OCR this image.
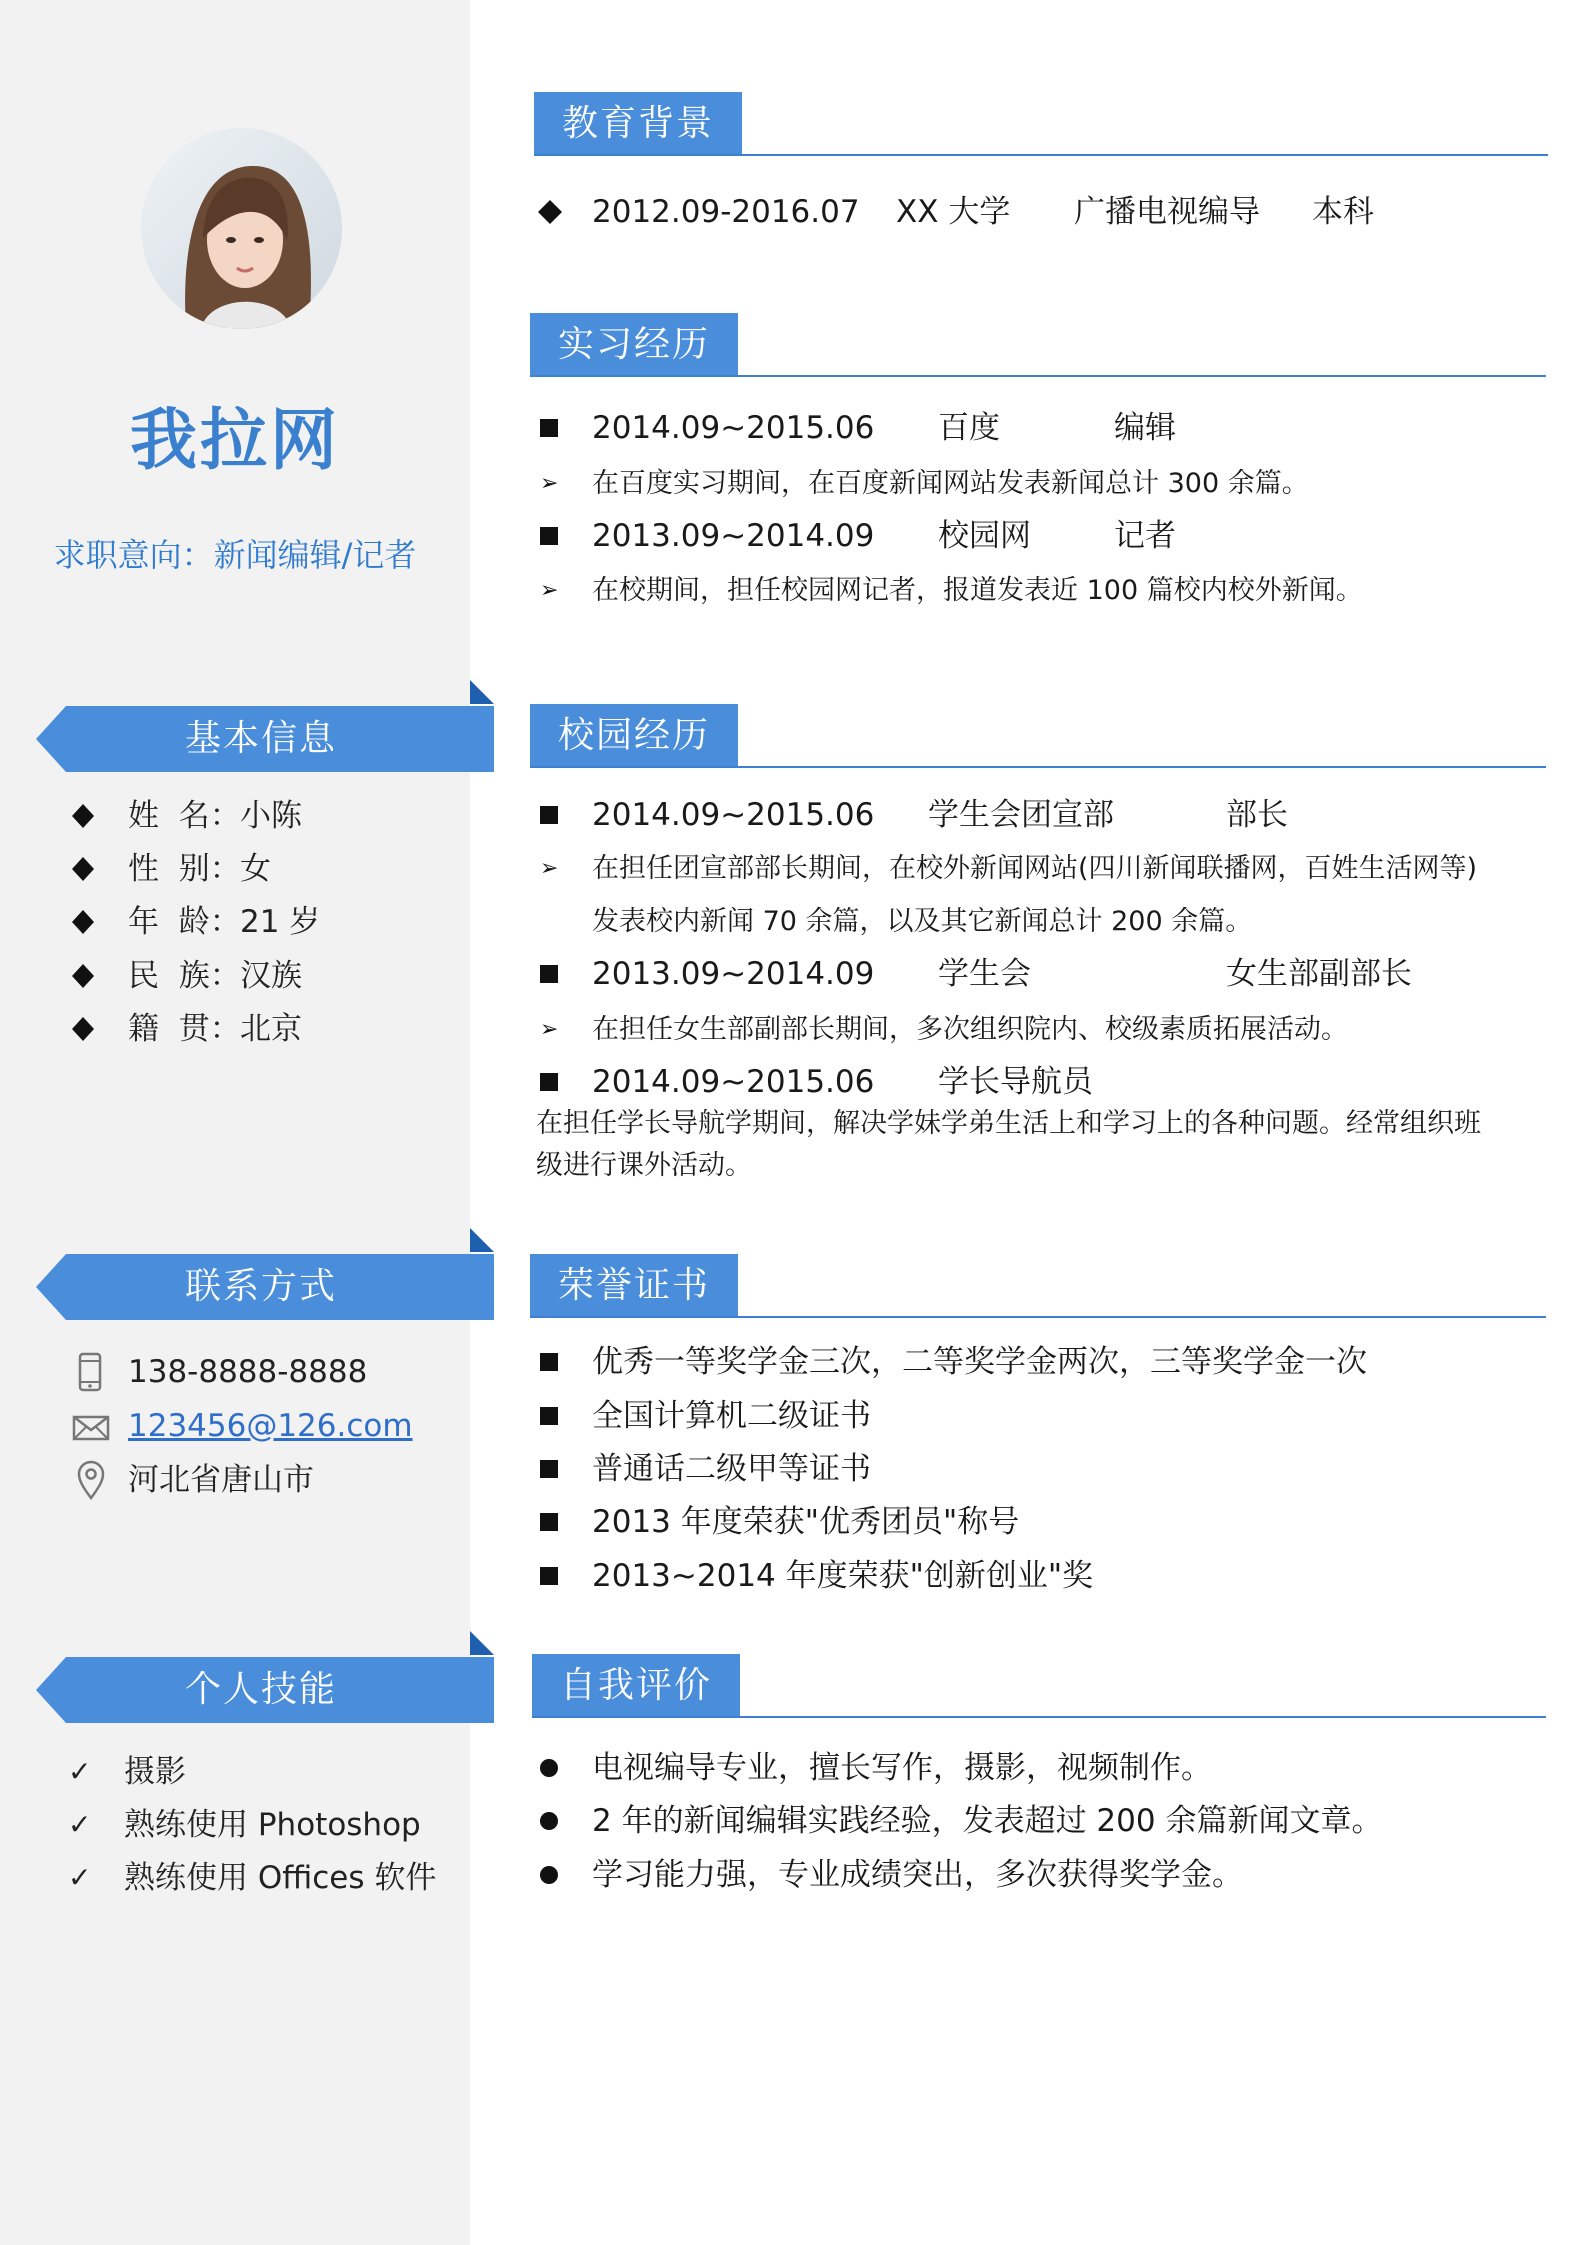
我拉网
求职意向：新闻编辑/记者
基本信息
姓  名： 小陈
性  别： 女
年  龄： 21 岁
民  族： 汉族
籍  贯： 北京
联系方式
138-8888-8888
123456@126.com
河北省唐山市
个人技能
✓ 摄影
✓ 熟练使用 Photoshop
✓ 熟练使用 Offices 软件
教育背景
2012.09-2016.07 XX 大学 广播电视编导 本科
实习经历
2014.09~2015.06 百度	编辑
➢ 在百度实习期间，在百度新闻网站发表新闻总计 300 余篇。
2013.09~2014.09 校园网	记者
➢ 在校期间，担任校园网记者，报道发表近 100 篇校内校外新闻。
校园经历
2014.09~2015.06 学生会团宣部	部长
➢ 在担任团宣部部长期间，在校外新闻网站(四川新闻联播网，百姓生活网等)
发表校内新闻 70 余篇，以及其它新闻总计 200 余篇。
2013.09~2014.09 学生会	女生部副部长
➢ 在担任女生部副部长期间，多次组织院内、校级素质拓展活动。
2014.09~2015.06 学长导航员
在担任学长导航学期间，解决学妹学弟生活上和学习上的各种问题。经常组织班
级进行课外活动。
荣誉证书
优秀一等奖学金三次，二等奖学金两次，三等奖学金一次
全国计算机二级证书
普通话二级甲等证书
2013 年度荣获"优秀团员"称号
2013~2014 年度荣获"创新创业"奖
自我评价
电视编导专业，擅长写作，摄影，视频制作。
2 年的新闻编辑实践经验，发表超过 200 余篇新闻文章。
学习能力强，专业成绩突出，多次获得奖学金。
